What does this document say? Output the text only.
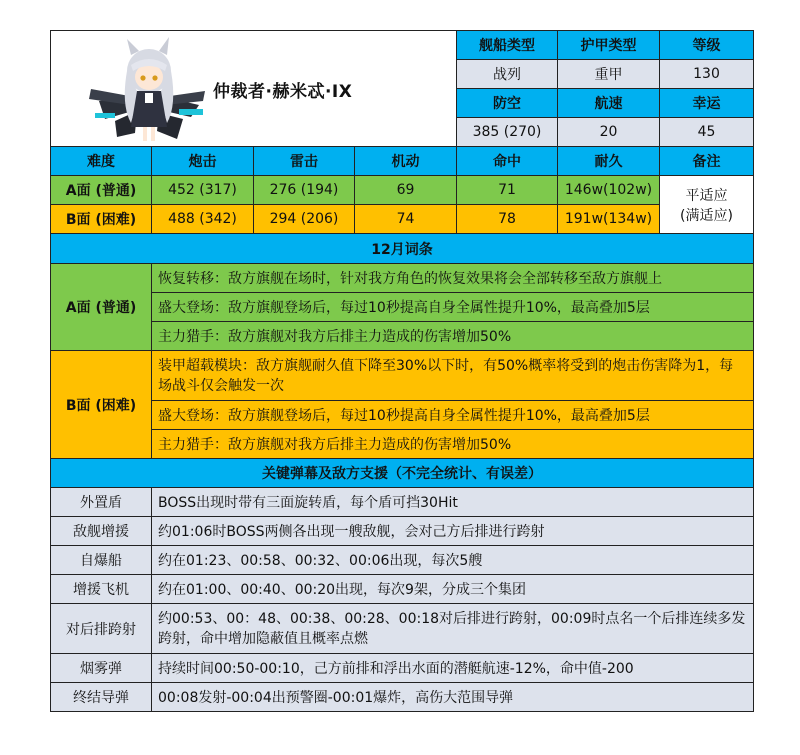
仲裁者·赫米忒·IX				舰船类型	护甲类型	等级
				战列	重甲	130
				防空	航速	幸运
				385 (270)	20	45
难度	炮击	雷击	机动	命中	耐久	备注
A面 (普通)	452 (317)	276 (194)	69	71	146w(102w)	平适应
(满适应)

B面 (困难)	488 (342)	294 (206)	74	78	191w(134w)	
12月词条						
A面 (普通)	恢复转移：敌方旗舰在场时，针对我方角色的恢复效果将会全部转移至敌方旗舰上					
	盛大登场：敌方旗舰登场后，每过10秒提高自身全属性提升10%，最高叠加5层					
	主力猎手：敌方旗舰对我方后排主力造成的伤害增加50%					
B面 (困难)	装甲超载模块：敌方旗舰耐久值下降至30%以下时，有50%概率将受到的炮击伤害降为1，每场战斗仅会触发一次					
	盛大登场：敌方旗舰登场后，每过10秒提高自身全属性提升10%，最高叠加5层					
	主力猎手：敌方旗舰对我方后排主力造成的伤害增加50%					
关键弹幕及敌方支援（不完全统计、有误差）						
外置盾	BOSS出现时带有三面旋转盾，每个盾可挡30Hit					
敌舰增援	约01:06时BOSS两侧各出现一艘敌舰，会对己方后排进行跨射					
自爆船	约在01:23、00:58、00:32、00:06出现，每次5艘					
增援飞机	约在01:00、00:40、00:20出现，每次9架，分成三个集团					
对后排跨射	约00:53、00：48、00:38、00:28、00:18对后排进行跨射，00:09时点名一个后排连续多发跨射，命中增加隐蔽值且概率点燃					
烟雾弹	持续时间00:50-00:10，己方前排和浮出水面的潜艇航速-12%，命中值-200					
终结导弹	00:08发射-00:04出预警圈-00:01爆炸，高伤大范围导弹					
